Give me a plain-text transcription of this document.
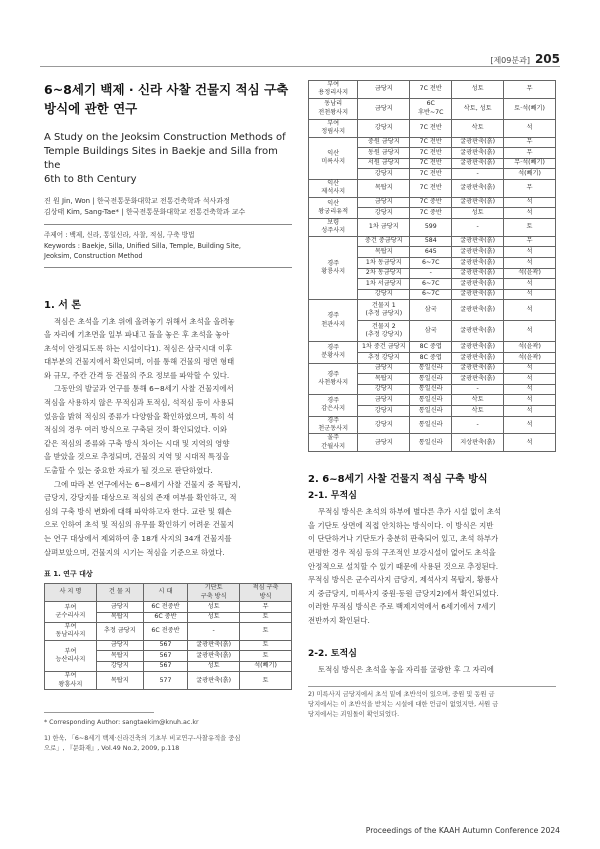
[제09분과] 205
6~8세기 백제 · 신라 사찰 건물지 적심 구축
방식에 관한 연구
A Study on the Jeoksim Construction Methods of
Temple Buildings Sites in Baekje and Silla from the
6th to 8th Century
진 원 Jin, Won | 한국전통문화대학교 전통건축학과 석사과정
김상태 Kim, Sang-Tae* | 한국전통문화대학교 전통건축학과 교수
주제어 : 백제, 신라, 통일신라, 사찰, 적심, 구축 방법
Keywords : Baekje, Silla, Unified Silla, Temple, Building Site,
Jeoksim, Construction Method
1. 서 론
적심은 초석을 기초 위에 올려놓기 위해서 초석을 올려놓
을 자리에 기초면을 일부 파내고 돌을 놓은 후 초석을 놓아
초석이 안정되도록 하는 시설이다1). 적심은 삼국시대 이후
대부분의 건물지에서 확인되며, 이를 통해 건물의 평면 형태
와 규모, 주칸 간격 등 건물의 주요 정보를 파악할 수 있다.
그동안의 발굴과 연구를 통해 6~8세기 사찰 건물지에서
적심을 사용하지 않은 무적심과 토적심, 석적심 등이 사용되
었음을 밝혀 적심의 종류가 다양함을 확인하였으며, 특히 석
적심의 경우 여러 방식으로 구축된 것이 확인되었다. 이와
같은 적심의 종류와 구축 방식 차이는 시대 및 지역의 영향
을 받았을 것으로 추정되며, 건물의 지역 및 시대적 특징을
도출할 수 있는 중요한 자료가 될 것으로 판단하였다.
그에 따라 본 연구에서는 6~8세기 사찰 건물지 중 목탑지,
금당지, 강당지를 대상으로 적심의 존재 여부를 확인하고, 적
심의 구축 방식 변화에 대해 파악하고자 한다. 교란 및 훼손
으로 인하여 초석 및 적심의 유무를 확인하기 어려운 건물지
는 연구 대상에서 제외하여 총 18개 사지의 34개 건물지를
살펴보았으며, 건물지의 시기는 적심을 기준으로 하였다.
표 1. 연구 대상
사 지 명	건 물 지	시 대	기단토
구축 방식	적심 구축
방식
부여
군수리사지	금당지	6C 전중반	성토	무
	목탑지	6C 중반	성토	토
부여
동남리사지	추정 금당지	6C 전중반	-	토
부여
능산리사지	금당지	567	굴광판축(흙)	토
	목탑지	567	굴광판축(흙)	토
	강당지	567	성토	석(빼기)
부여
왕흥사지	목탑지	577	굴광판축(흙)	토
* Corresponding Author: sangtaekim@knuh.ac.kr
1) 한욱, 「6~8세기 백제·신라건축의 기초부 비교연구-사찰유적을 중심
으로」, 『문화재』, Vol.49 No.2, 2009, p.118
부여
용정리사지	금당지	7C 전반	성토	무
동남리
전천왕사지	금당지	6C
후반~7C	삭토, 성토	토·석(빼기)
부여
정림사지	강당지	7C 전반	삭토	석
익산
미륵사지	중원 금당지	7C 전반	굴광판축(흙)	무
	동원 금당지	7C 전반	굴광판축(흙)	무
	서원 금당지	7C 전반	굴광판축(흙)	무·석(빼기)
	강당지	7C 전반	-	석(빼기)
익산
제석사지	목탑지	7C 전반	굴광판축(흙)	무
익산
왕궁리유적	금당지	7C 중반	굴광판축(흙)	석
	강당지	7C 중반	성토	석
보령
성주사지	1차 금당지	599	-	토
경주
황룡사지	중건 중금당지	584	굴광판축(흙)	무
	목탑지	645	굴광판축(흙)	석
	1차 동금당지	6~7C	굴광판축(흙)	석
	2차 동금당지	-	굴광판축(흙)	석(윤곽)
	1차 서금당지	6~7C	굴광판축(흙)	석
	강당지	6~7C	굴광판축(흙)	석
경주
천관사지	건물지 1
(추정 금당지)	삼국	굴광판축(흙)	석
	건물지 2
(추정 강당지)	삼국	굴광판축(흙)	석
경주
분황사지	1차 중건 금당지	8C 중엽	굴광판축(흙)	석(윤곽)
	추정 강당지	8C 중엽	굴광판축(흙)	석(윤곽)
경주
사천왕사지	금당지	통일신라	굴광판축(흙)	석
	목탑지	통일신라	굴광판축(흙)	석
	강당지	통일신라	-	석
경주
감은사지	금당지	통일신라	삭토	석
	강당지	통일신라	삭토	석
경주
천군동사지	강당지	통일신라	-	석
울주
간월사지	금당지	통일신라	지상판축(흙)	석
2. 6~8세기 사찰 건물지 적심 구축 방식
2-1. 무적심
무적심 방식은 초석의 하부에 별다른 추가 시설 없이 초석
을 기단토 상면에 직접 안치하는 방식이다. 이 방식은 지반
이 단단하거나 기단토가 충분히 판축되어 있고, 초석 하부가
편평한 경우 적심 등의 구조적인 보강시설이 없어도 초석을
안정적으로 설치할 수 있기 때문에 사용된 것으로 추정된다.
무적심 방식은 군수리사지 금당지, 제석사지 목탑지, 황룡사
지 중금당지, 미륵사지 중원·동원 금당지2)에서 확인되었다.
이러한 무적심 방식은 주로 백제지역에서 6세기에서 7세기
전반까지 확인된다.
2-2. 토적심
토적심 방식은 초석을 놓을 자리를 굴광한 후 그 자리에
2) 미륵사지 금당지에서 초석 밑에 초반석이 있으며, 중원 및 동원 금
당지에서는 이 초반석을 받치는 시설에 대한 언급이 없었지만, 서원 금
당지에서는 괴임돌이 확인되었다.
Proceedings of the KAAH Autumn Conference 2024
